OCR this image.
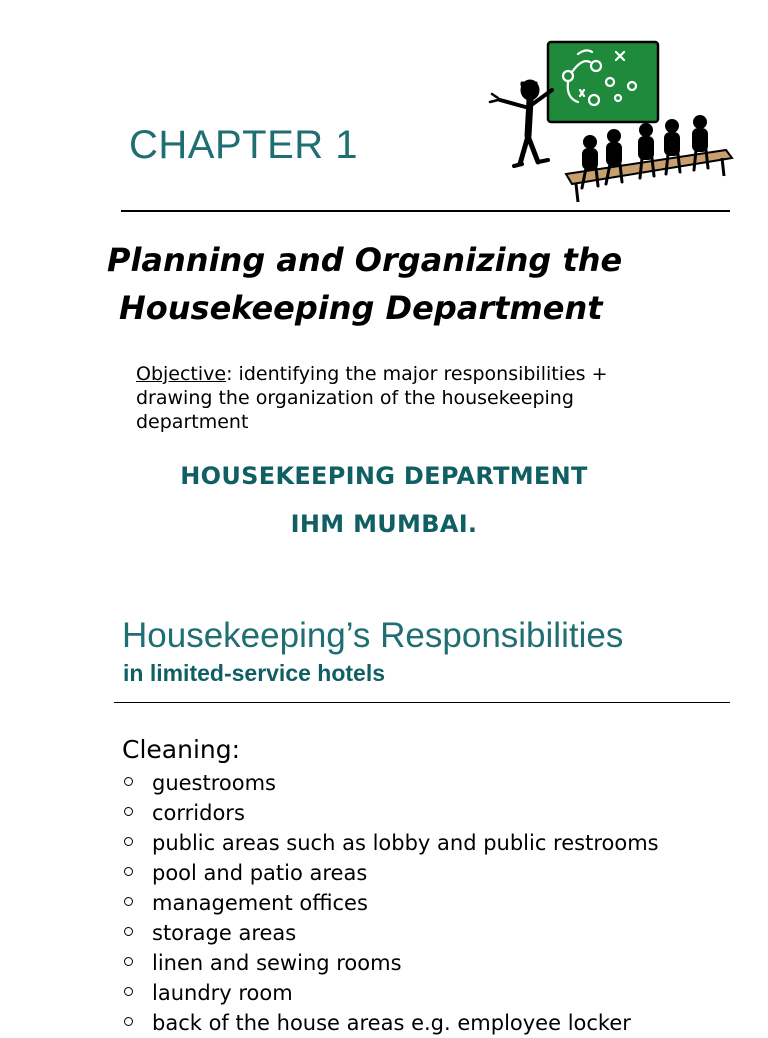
CHAPTER 1
Planning and Organizing the
Housekeeping Department

Objective: identifying the major responsibilities + drawing the organization of the housekeeping department

HOUSEKEEPING DEPARTMENT

IHM MUMBAI.

Housekeeping’s Responsibilities

in limited-service hotels

Cleaning:
guestrooms
corridors
public areas such as lobby and public restrooms
pool and patio areas
management offices
storage areas
linen and sewing rooms
laundry room
back of the house areas e.g. employee locker
